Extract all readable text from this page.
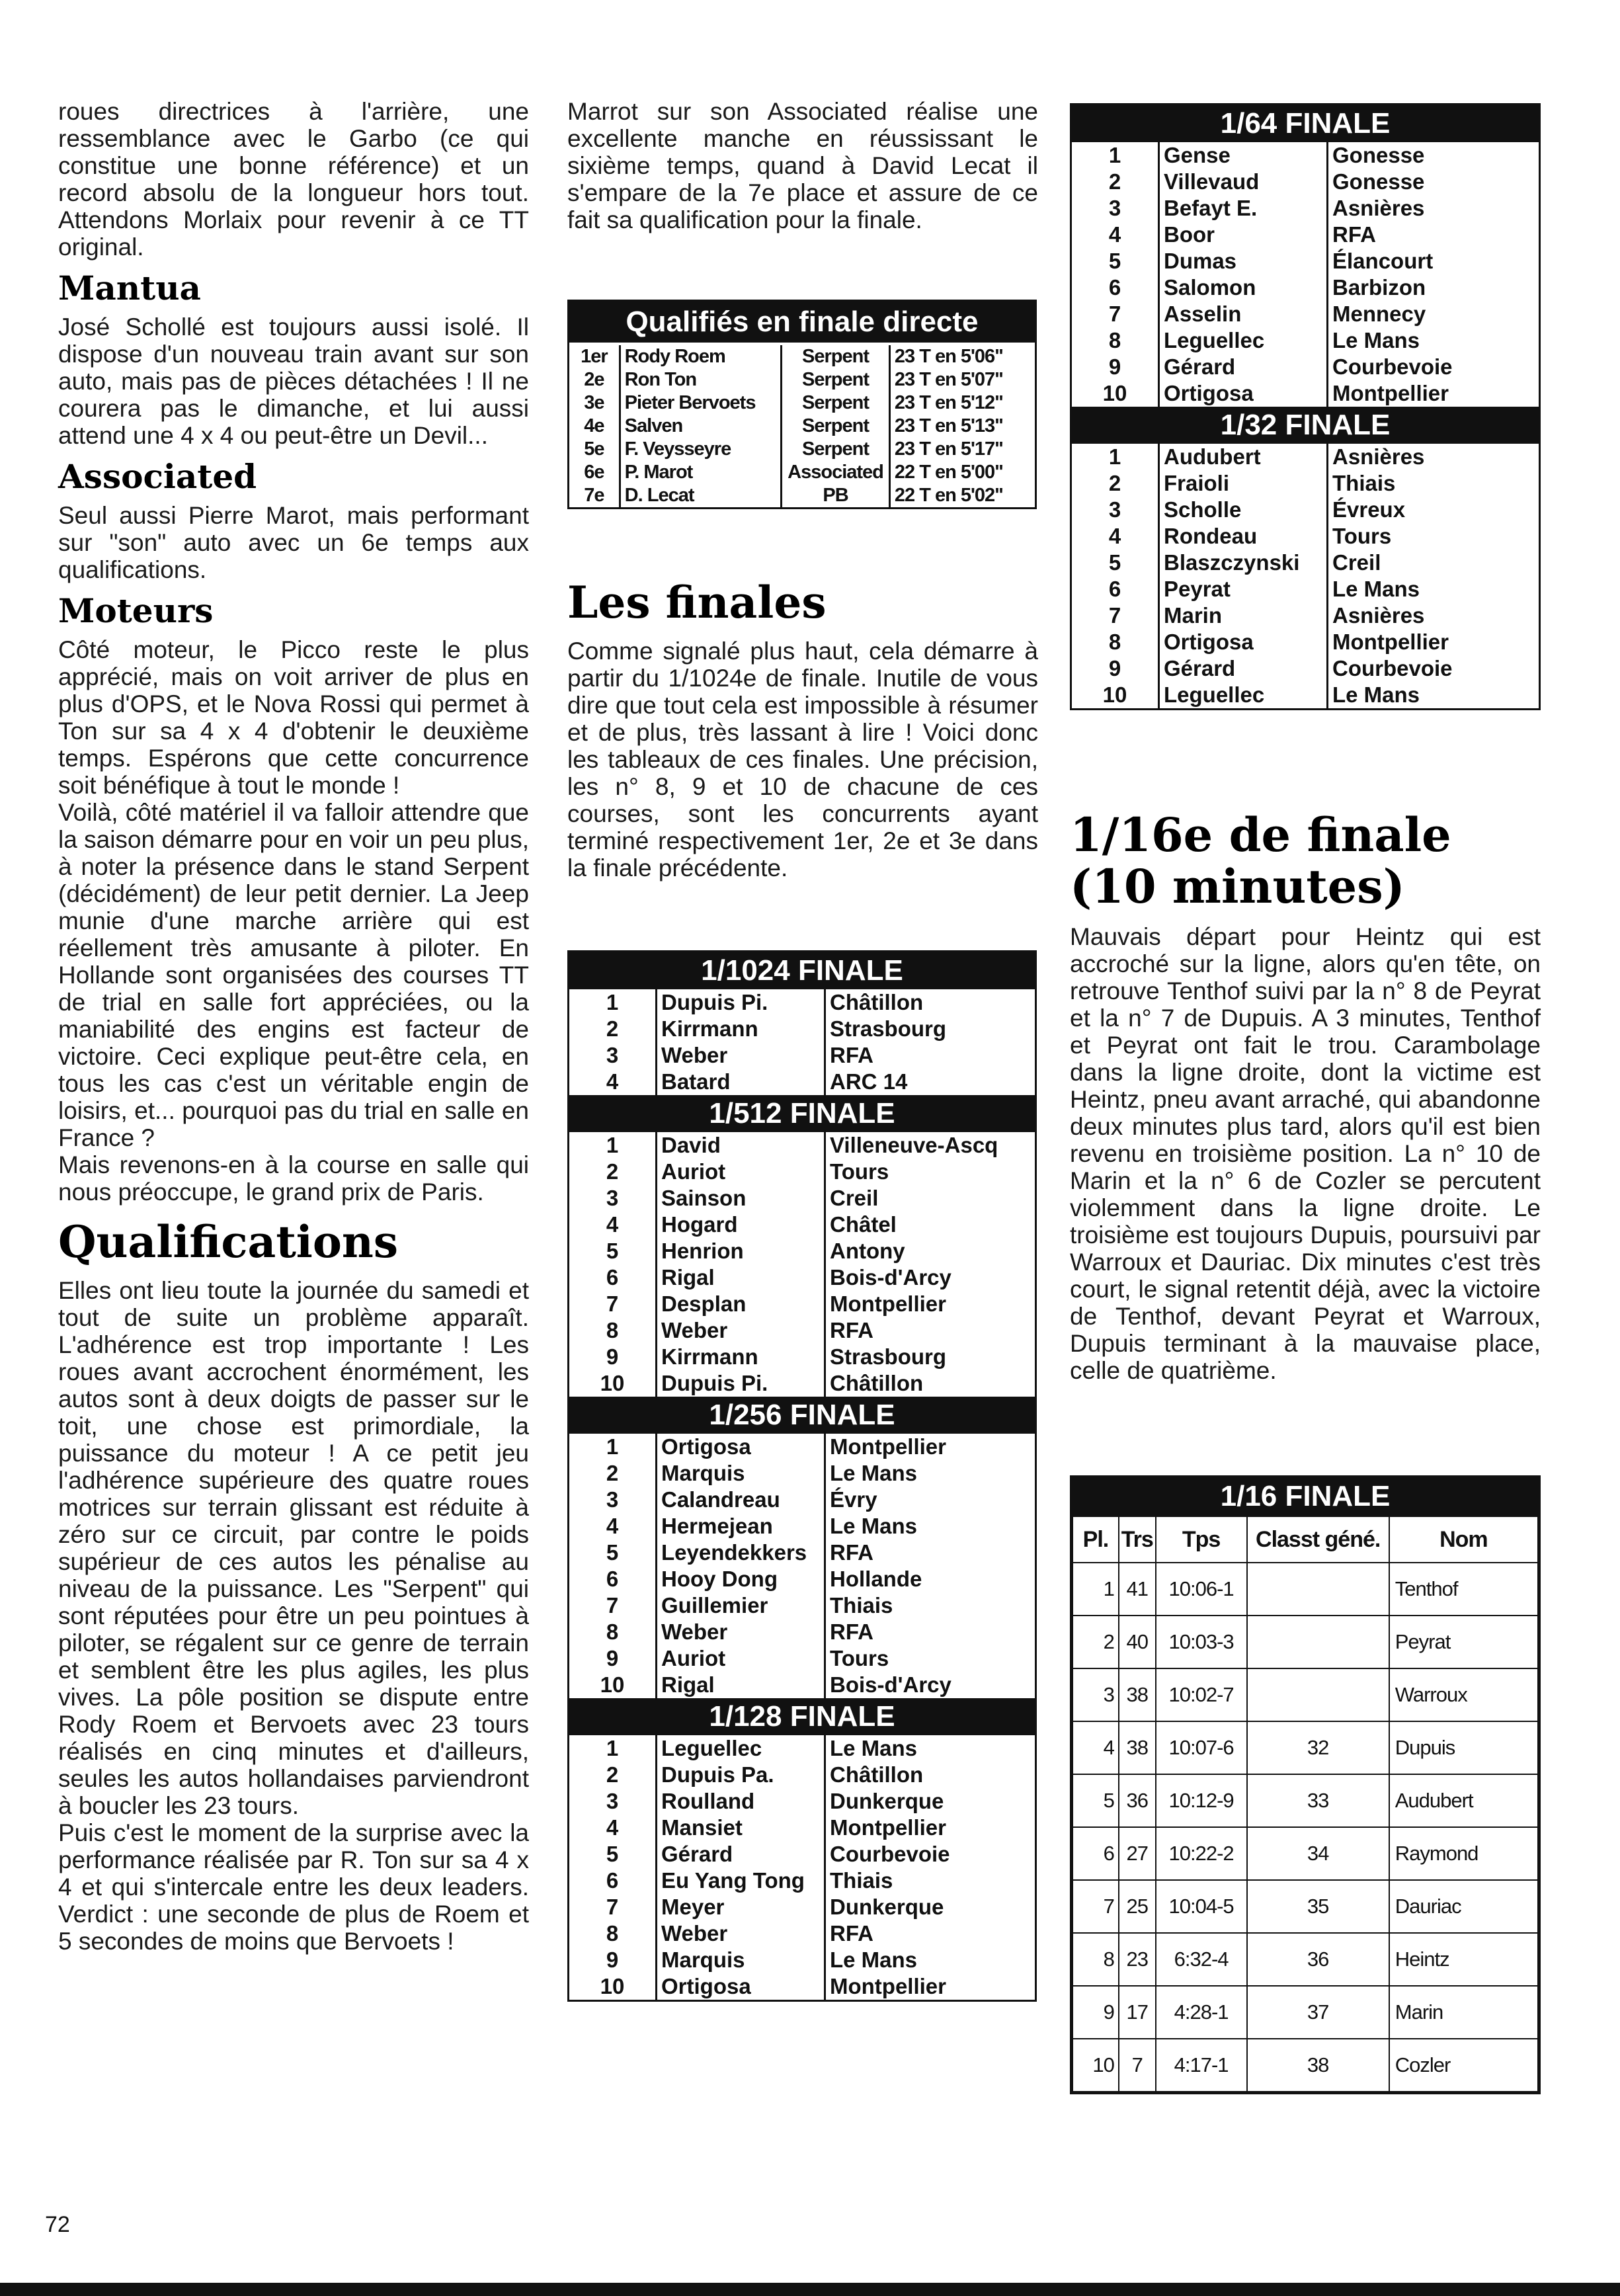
roues directrices à l'arrière, une ressemblance avec le Garbo (ce qui constitue une bonne référence) et un record absolu de la longueur hors tout. Attendons Morlaix pour revenir à ce TT original.

Mantua

José Schollé est toujours aussi isolé. Il dispose d'un nouveau train avant sur son auto, mais pas de pièces détachées ! Il ne courera pas le dimanche, et lui aussi attend une 4 x 4 ou peut-être un Devil...

Associated

Seul aussi Pierre Marot, mais performant sur "son" auto avec un 6e temps aux qualifications.

Moteurs

Côté moteur, le Picco reste le plus apprécié, mais on voit arriver de plus en plus d'OPS, et le Nova Rossi qui permet à Ton sur sa 4 x 4 d'obtenir le deuxième temps. Espérons que cette concurrence soit bénéfique à tout le monde !

Voilà, côté matériel il va falloir attendre que la saison démarre pour en voir un peu plus, à noter la présence dans le stand Serpent (décidément) de leur petit dernier. La Jeep munie d'une marche arrière qui est réellement très amusante à piloter. En Hollande sont organisées des courses TT de trial en salle fort appréciées, ou la maniabilité des engins est facteur de victoire. Ceci explique peut-être cela, en tous les cas c'est un véritable engin de loisirs, et... pourquoi pas du trial en salle en France ?

Mais revenons-en à la course en salle qui nous préoccupe, le grand prix de Paris.

Qualifications

Elles ont lieu toute la journée du samedi et tout de suite un problème apparaît. L'adhérence est trop importante ! Les roues avant accrochent énormément, les autos sont à deux doigts de passer sur le toit, une chose est primordiale, la puissance du moteur ! A ce petit jeu l'adhérence supérieure des quatre roues motrices sur terrain glissant est réduite à zéro sur ce circuit, par contre le poids supérieur de ces autos les pénalise au niveau de la puissance. Les "Serpent" qui sont réputées pour être un peu pointues à piloter, se régalent sur ce genre de terrain et semblent être les plus agiles, les plus vives. La pôle position se dispute entre Rody Roem et Bervoets avec 23 tours réalisés en cinq minutes et d'ailleurs, seules les autos hollandaises parviendront à boucler les 23 tours.

Puis c'est le moment de la surprise avec la performance réalisée par R. Ton sur sa 4 x 4 et qui s'intercale entre les deux leaders. Verdict : une seconde de plus de Roem et 5 secondes de moins que Bervoets !

Marrot sur son Associated réalise une excellente manche en réussissant le sixième temps, quand à David Lecat il s'empare de la 7e place et assure de ce fait sa qualification pour la finale.

Qualifiés en finale directe
1er	Rody Roem	Serpent	23 T en 5'06"
2e	Ron Ton	Serpent	23 T en 5'07"
3e	Pieter Bervoets	Serpent	23 T en 5'12"
4e	Salven	Serpent	23 T en 5'13"
5e	F. Veysseyre	Serpent	23 T en 5'17"
6e	P. Marot	Associated	22 T en 5'00"
7e	D. Lecat	PB	22 T en 5'02"
Les finales

Comme signalé plus haut, cela démarre à partir du 1/1024e de finale. Inutile de vous dire que tout cela est impossible à résumer et de plus, très lassant à lire ! Voici donc les tableaux de ces finales. Une précision, les n° 8, 9 et 10 de chacune de ces courses, sont les concurrents ayant terminé respectivement 1er, 2e et 3e dans la finale précédente.

1/1024 FINALE
1	Dupuis Pi.	Châtillon
2	Kirrmann	Strasbourg
3	Weber	RFA
4	Batard	ARC 14
1/512 FINALE
1	David	Villeneuve-Ascq
2	Auriot	Tours
3	Sainson	Creil
4	Hogard	Châtel
5	Henrion	Antony
6	Rigal	Bois-d'Arcy
7	Desplan	Montpellier
8	Weber	RFA
9	Kirrmann	Strasbourg
10	Dupuis Pi.	Châtillon
1/256 FINALE
1	Ortigosa	Montpellier
2	Marquis	Le Mans
3	Calandreau	Évry
4	Hermejean	Le Mans
5	Leyendekkers	RFA
6	Hooy Dong	Hollande
7	Guillemier	Thiais
8	Weber	RFA
9	Auriot	Tours
10	Rigal	Bois-d'Arcy
1/128 FINALE
1	Leguellec	Le Mans
2	Dupuis Pa.	Châtillon
3	Roulland	Dunkerque
4	Mansiet	Montpellier
5	Gérard	Courbevoie
6	Eu Yang Tong	Thiais
7	Meyer	Dunkerque
8	Weber	RFA
9	Marquis	Le Mans
10	Ortigosa	Montpellier
1/64 FINALE
1	Gense	Gonesse
2	Villevaud	Gonesse
3	Befayt E.	Asnières
4	Boor	RFA
5	Dumas	Élancourt
6	Salomon	Barbizon
7	Asselin	Mennecy
8	Leguellec	Le Mans
9	Gérard	Courbevoie
10	Ortigosa	Montpellier
1/32 FINALE
1	Audubert	Asnières
2	Fraioli	Thiais
3	Scholle	Évreux
4	Rondeau	Tours
5	Blaszczynski	Creil
6	Peyrat	Le Mans
7	Marin	Asnières
8	Ortigosa	Montpellier
9	Gérard	Courbevoie
10	Leguellec	Le Mans
1/16e de finale (10 minutes)

Mauvais départ pour Heintz qui est accroché sur la ligne, alors qu'en tête, on retrouve Tenthof suivi par la n° 8 de Peyrat et la n° 7 de Dupuis. A 3 minutes, Tenthof et Peyrat ont fait le trou. Carambolage dans la ligne droite, dont la victime est Heintz, pneu avant arraché, qui abandonne deux minutes plus tard, alors qu'il est bien revenu en troisième position. La n° 10 de Marin et la n° 6 de Cozler se percutent violemment dans la ligne droite. Le troisième est toujours Dupuis, poursuivi par Warroux et Dauriac. Dix minutes c'est très court, le signal retentit déjà, avec la victoire de Tenthof, devant Peyrat et Warroux, Dupuis terminant à la mauvaise place, celle de quatrième.

1/16 FINALE
Pl.	Trs	Tps	Classt géné.	Nom
1	41	10:06-1		Tenthof
2	40	10:03-3		Peyrat
3	38	10:02-7		Warroux
4	38	10:07-6	32	Dupuis
5	36	10:12-9	33	Audubert
6	27	10:22-2	34	Raymond
7	25	10:04-5	35	Dauriac
8	23	6:32-4	36	Heintz
9	17	4:28-1	37	Marin
10	7	4:17-1	38	Cozler
72
